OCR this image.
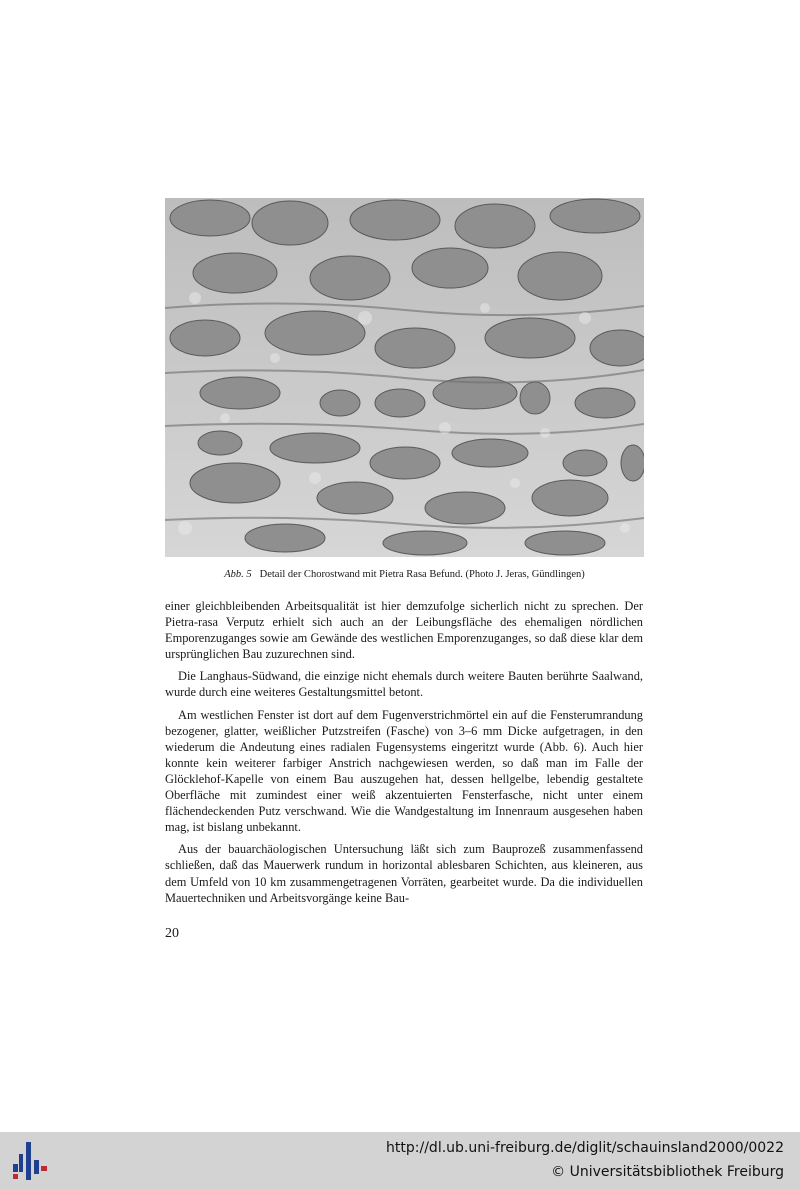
Abb. 5 Detail der Chorostwand mit Pietra Rasa Befund. (Photo J. Jeras, Gündlingen)

einer gleichbleibenden Arbeitsqualität ist hier demzufolge sicherlich nicht zu sprechen. Der Pietra-rasa Verputz erhielt sich auch an der Leibungsfläche des ehemaligen nördlichen Emporenzuganges sowie am Gewände des westlichen Emporenzuganges, so daß diese klar dem ursprünglichen Bau zuzurechnen sind.

Die Langhaus-Südwand, die einzige nicht ehemals durch weitere Bauten berührte Saalwand, wurde durch eine weiteres Gestaltungsmittel betont.

Am westlichen Fenster ist dort auf dem Fugenverstrichmörtel ein auf die Fensterumrandung bezogener, glatter, weißlicher Putzstreifen (Fasche) von 3–6 mm Dicke aufgetragen, in den wiederum die Andeutung eines radialen Fugensystems eingeritzt wurde (Abb. 6). Auch hier konnte kein weiterer farbiger Anstrich nachgewiesen werden, so daß man im Falle der Glöcklehof-Kapelle von einem Bau auszugehen hat, dessen hellgelbe, lebendig gestaltete Oberfläche mit zumindest einer weiß akzentuierten Fensterfasche, nicht unter einem flächendeckenden Putz verschwand. Wie die Wandgestaltung im Innenraum ausgesehen haben mag, ist bislang unbekannt.

Aus der bauarchäologischen Untersuchung läßt sich zum Bauprozeß zusammenfassend schließen, daß das Mauerwerk rundum in horizontal ablesbaren Schichten, aus kleineren, aus dem Umfeld von 10 km zusammengetragenen Vorräten, gearbeitet wurde. Da die individuellen Mauertechniken und Arbeitsvorgänge keine Bau-

20
http://dl.ub.uni-freiburg.de/diglit/schauinsland2000/0022
© Universitätsbibliothek Freiburg
